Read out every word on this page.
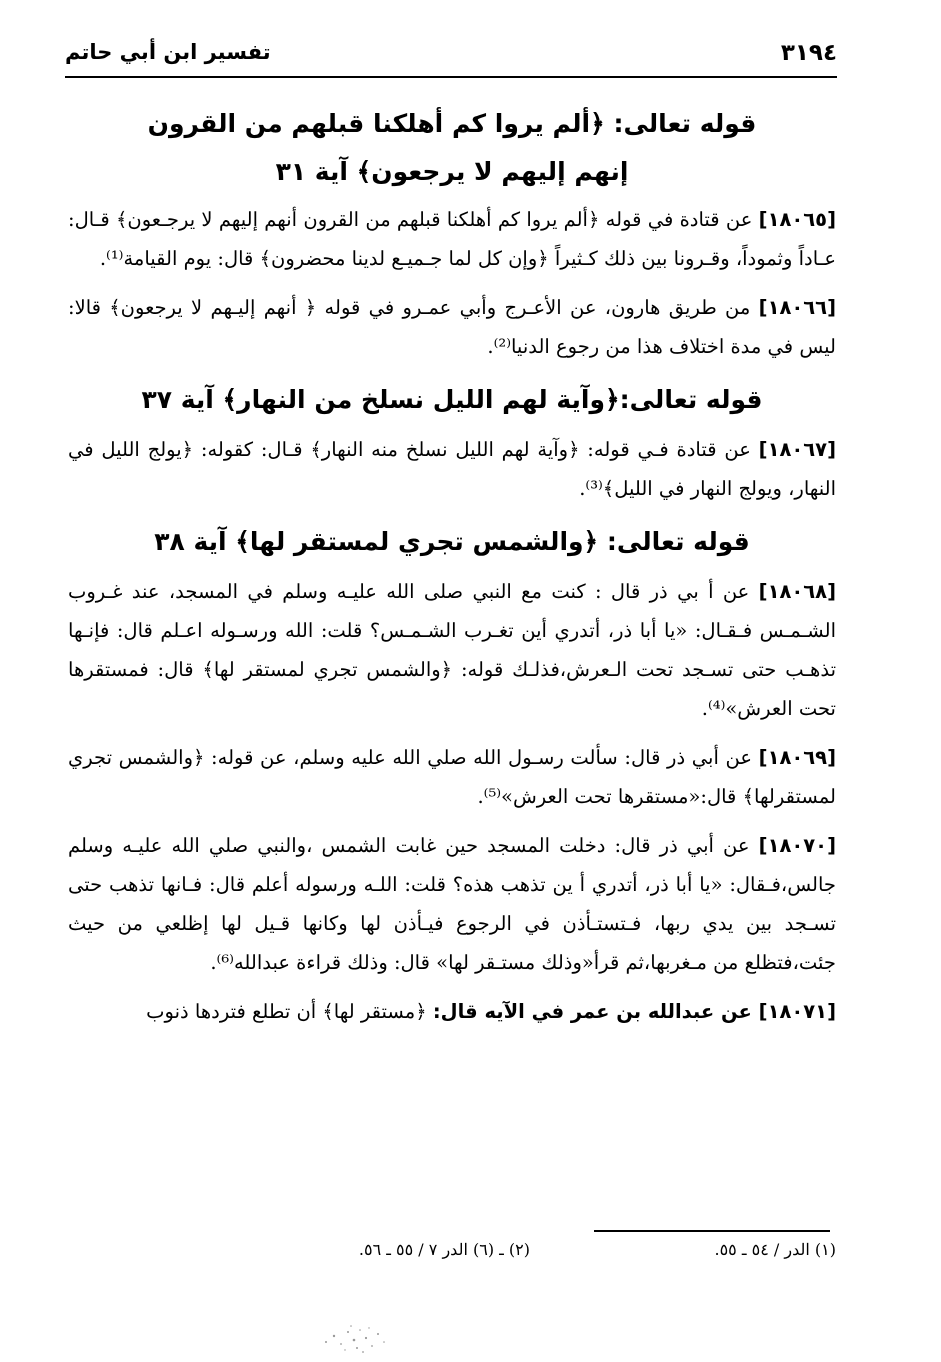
٣١٩٤
تفسير ابن أبي حاتم
قوله تعالى: ﴿ألم يروا كم أهلكنا قبلهم من القرون
إنهم إليهم لا يرجعون﴾ آية ٣١

[١٨٠٦٥] عن قتادة في قوله ﴿ألم يروا كم أهلكنا قبلهم من القرون أنهم إليهم لا يرجـعون﴾ قـال: عـاداً وثموداً، وقـرونا بين ذلك كـثيراً ﴿وإن كل لما جـميـع لدينا محضرون﴾ قال: يوم القيامة⁽¹⁾.

[١٨٠٦٦] من طريق هارون، عن الأعـرج وأبي عمـرو في قوله ﴿ أنهم إليـهم لا يرجعون﴾ قالا: ليس في مدة اختلاف هذا من رجوع الدنيا⁽²⁾.

قوله تعالى:﴿وآية لهم الليل نسلخ من النهار﴾ آية ٣٧

[١٨٠٦٧] عن قتادة فـي قوله: ﴿وآية لهم الليل نسلخ منه النهار﴾ قـال: كقوله: ﴿يولج الليل في النهار، ويولج النهار في الليل﴾⁽³⁾.

قوله تعالى: ﴿والشمس تجري لمستقر لها﴾ آية ٣٨

[١٨٠٦٨] عن أ بي ذر قال : كنت مع النبي صلى الله عليـه وسلم في المسجد، عند غـروب الشـمـس فـقـال: «يا أبا ذر، أتدري أين تغـرب الشـمـس؟ قلت: الله ورسـوله اعـلم قال: فإنـها تذهـب حتى تسـجد تحت الـعرش،فذلـك قوله: ﴿والشمس تجري لمستقر لها﴾ قال: فمستقرها تحت العرش»⁽⁴⁾.

[١٨٠٦٩] عن أبي ذر قال: سألت رسـول الله صلي الله عليه وسلم، عن قوله: ﴿والشمس تجري لمستقرلها﴾ قال:«مستقرها تحت العرش»⁽⁵⁾.

[١٨٠٧٠] عن أبي ذر قال: دخلت المسجد حين غابت الشمس ،والنبي صلي الله عليـه وسلم جالس،فـقال: «يا أبا ذر، أتدري أ ين تذهب هذه؟ قلت: اللـه ورسوله أعلم قال: فـانها تذهب حتى تسـجد بين يدي ربها، فـتستـأذن في الرجوع فيـأذن لها وكانها قـيل لها إظلعي من حيث جئت،فتظلع من مـغربها،ثم قرأ«وذلك مستـقر لها» قال: وذلك قراءة عبدالله⁽⁶⁾.

[١٨٠٧١] عن عبدالله بن عمر في الآيه قال: ﴿مستقر لها﴾ أن تطلع فتردها ذنوب

(١) الدر / ٥٤ ـ ٥٥.
(٢) ـ (٦) الدر ٧ / ٥٥ ـ ٥٦.
